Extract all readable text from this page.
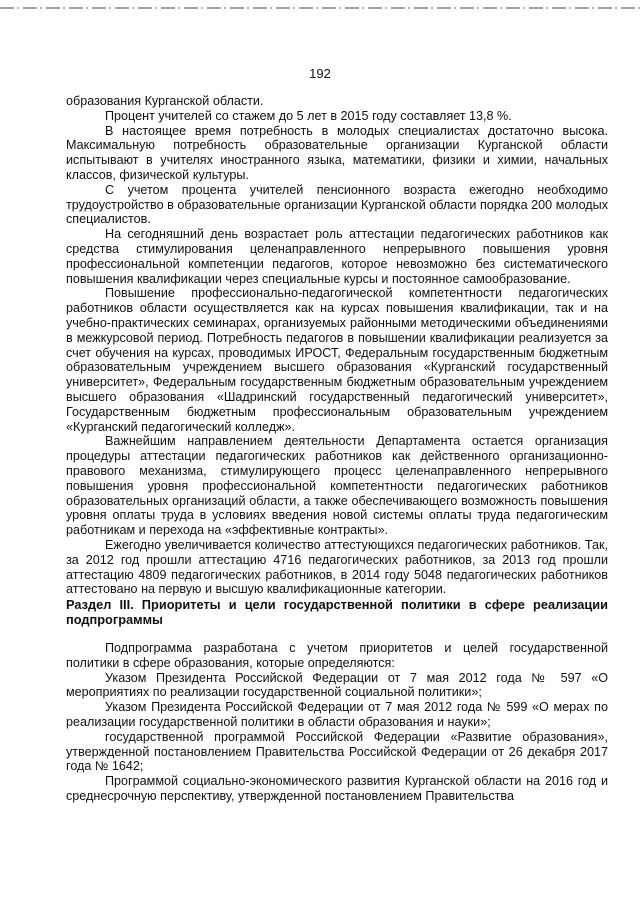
192

образования Курганской области.

Процент учителей со стажем до 5 лет в 2015 году составляет 13,8 %.

В настоящее время потребность в молодых специалистах достаточно высока. Максимальную потребность образовательные организации Курганской области испытывают в учителях иностранного языка, математики, физики и химии, начальных классов, физической культуры.

С учетом процента учителей пенсионного возраста ежегодно необходимо трудоустройство в образовательные организации Курганской области порядка 200 молодых специалистов.

На сегодняшний день возрастает роль аттестации педагогических работников как средства стимулирования целенаправленного непрерывного повышения уровня профессиональной компетенции педагогов, которое невозможно без систематического повышения квалификации через специальные курсы и постоянное самообразование.

Повышение профессионально-педагогической компетентности педагогических работников области осуществляется как на курсах повышения квалификации, так и на учебно-практических семинарах, организуемых районными методическими объединениями в межкурсовой период. Потребность педагогов в повышении квалификации реализуется за счет обучения на курсах, проводимых ИРОСТ, Федеральным государственным бюджетным образовательным учреждением высшего образования «Курганский государственный университет», Федеральным государственным бюджетным образовательным учреждением высшего образования «Шадринский государственный педагогический университет», Государственным бюджетным профессиональным образовательным учреждением «Курганский педагогический колледж».

Важнейшим направлением деятельности Департамента остается организация процедуры аттестации педагогических работников как действенного организационно-правового механизма, стимулирующего процесс целенаправленного непрерывного повышения уровня профессиональной компетентности педагогических работников образовательных организаций области, а также обеспечивающего возможность повышения уровня оплаты труда в условиях введения новой системы оплаты труда педагогическим работникам и перехода на «эффективные контракты».

Ежегодно увеличивается количество аттестующихся педагогических работников. Так, за 2012 год прошли аттестацию 4716 педагогических работников, за 2013 год прошли аттестацию 4809 педагогических работников, в 2014 году 5048 педагогических работников аттестовано на первую и высшую квалификационные категории.

Раздел III. Приоритеты и цели государственной политики в сфере реализации подпрограммы

Подпрограмма разработана с учетом приоритетов и целей государственной политики в сфере образования, которые определяются:

Указом Президента Российской Федерации от 7 мая 2012 года № 597 «О мероприятиях по реализации государственной социальной политики»;

Указом Президента Российской Федерации от 7 мая 2012 года № 599 «О мерах по реализации государственной политики в области образования и науки»;

государственной программой Российской Федерации «Развитие образования», утвержденной постановлением Правительства Российской Федерации от 26 декабря 2017 года № 1642;

Программой социально-экономического развития Курганской области на 2016 год и среднесрочную перспективу, утвержденной постановлением Правительства
